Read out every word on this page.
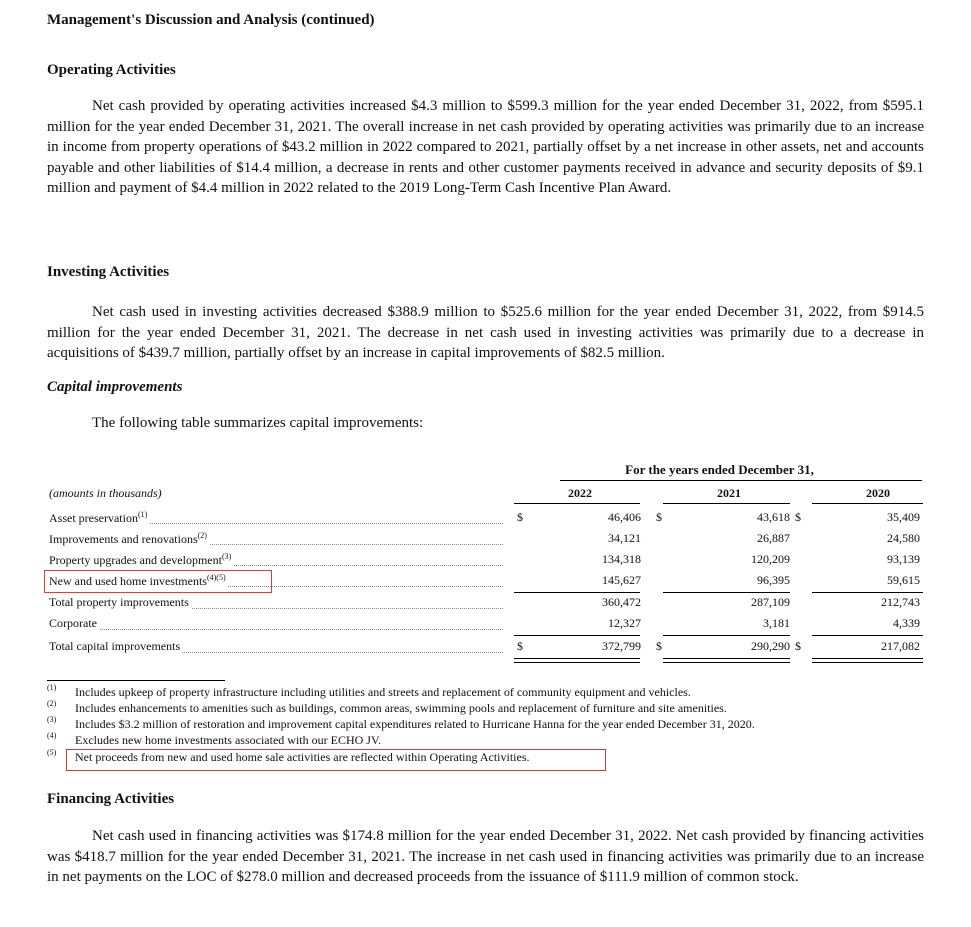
Management's Discussion and Analysis (continued)
Operating Activities

Net cash provided by operating activities increased $4.3 million to $599.3 million for the year ended December 31, 2022, from $595.1 million for the year ended December 31, 2021. The overall increase in net cash provided by operating activities was primarily due to an increase in income from property operations of $43.2 million in 2022 compared to 2021, partially offset by a net increase in other assets, net and accounts payable and other liabilities of $14.4 million, a decrease in rents and other customer payments received in advance and security deposits of $9.1 million and payment of $4.4 million in 2022 related to the 2019 Long-Term Cash Incentive Plan Award.

Investing Activities

Net cash used in investing activities decreased $388.9 million to $525.6 million for the year ended December 31, 2022, from $914.5 million for the year ended December 31, 2021. The decrease in net cash used in investing activities was primarily due to a decrease in acquisitions of $439.7 million, partially offset by an increase in capital improvements of $82.5 million.

Capital improvements
The following table summarizes capital improvements:
For the years ended December 31,
(amounts in thousands)	2022	2021	2020
Asset preservation$^{(1)}$	$	46,406 $	43,618 $	35,409
Improvements and renovations$^{(2)}$	34,121	26,887	24,580
Property upgrades and development$^{(3)}$	134,318	120,209	93,139
New and used home investments$^{(4)(5)}$	145,627	96,395	59,615
Total property improvements	360,472	287,109	212,743
Corporate	12,327	3,181	4,339
Total capital improvements	$	372,799 $	290,290 $	217,082
(1) Includes upkeep of property infrastructure including utilities and streets and replacement of community equipment and vehicles.
(2) Includes enhancements to amenities such as buildings, common areas, swimming pools and replacement of furniture and site amenities.
(3) Includes $3.2 million of restoration and improvement capital expenditures related to Hurricane Hanna for the year ended December 31, 2020.
(4) Excludes new home investments associated with our ECHO JV.
(5) Net proceeds from new and used home sale activities are reflected within Operating Activities.
Financing Activities

Net cash used in financing activities was $174.8 million for the year ended December 31, 2022. Net cash provided by financing activities was $418.7 million for the year ended December 31, 2021. The increase in net cash used in financing activities was primarily due to an increase in net payments on the LOC of $278.0 million and decreased proceeds from the issuance of $111.9 million of common stock.
